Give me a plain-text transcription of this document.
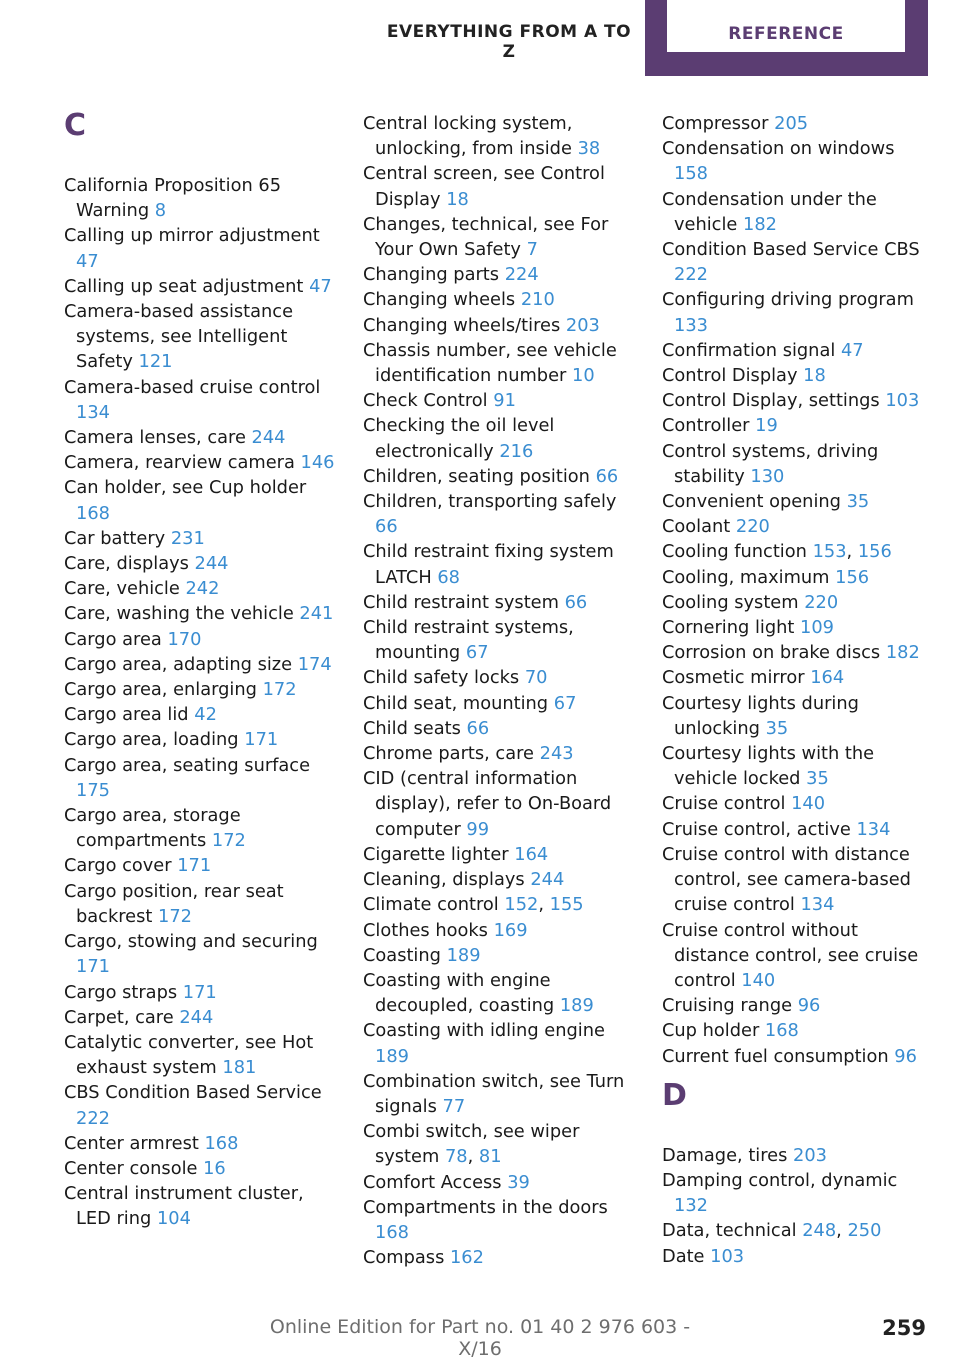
EVERYTHING FROM A TO Z
REFERENCE
C
California Proposition 65 Warning 8
Calling up mirror adjustment 47
Calling up seat adjustment 47
Camera-based assistance systems, see Intelligent Safety 121
Camera-based cruise control 134
Camera lenses, care 244
Camera, rearview camera 146
Can holder, see Cup holder 168
Car battery 231
Care, displays 244
Care, vehicle 242
Care, washing the vehicle 241
Cargo area 170
Cargo area, adapting size 174
Cargo area, enlarging 172
Cargo area lid 42
Cargo area, loading 171
Cargo area, seating surface 175
Cargo area, storage compartments 172
Cargo cover 171
Cargo position, rear seat backrest 172
Cargo, stowing and securing 171
Cargo straps 171
Carpet, care 244
Catalytic converter, see Hot exhaust system 181
CBS Condition Based Service 222
Center armrest 168
Center console 16
Central instrument cluster, LED ring 104
Central locking system, unlocking, from inside 38
Central screen, see Control Display 18
Changes, technical, see For Your Own Safety 7
Changing parts 224
Changing wheels 210
Changing wheels/tires 203
Chassis number, see vehicle identification number 10
Check Control 91
Checking the oil level electronically 216
Children, seating position 66
Children, transporting safely 66
Child restraint fixing system LATCH 68
Child restraint system 66
Child restraint systems, mounting 67
Child safety locks 70
Child seat, mounting 67
Child seats 66
Chrome parts, care 243
CID (central information display), refer to On-Board computer 99
Cigarette lighter 164
Cleaning, displays 244
Climate control 152, 155
Clothes hooks 169
Coasting 189
Coasting with engine decoupled, coasting 189
Coasting with idling engine 189
Combination switch, see Turn signals 77
Combi switch, see wiper system 78, 81
Comfort Access 39
Compartments in the doors 168
Compass 162
Compressor 205
Condensation on windows 158
Condensation under the vehicle 182
Condition Based Service CBS 222
Configuring driving program 133
Confirmation signal 47
Control Display 18
Control Display, settings 103
Controller 19
Control systems, driving stability 130
Convenient opening 35
Coolant 220
Cooling function 153, 156
Cooling, maximum 156
Cooling system 220
Cornering light 109
Corrosion on brake discs 182
Cosmetic mirror 164
Courtesy lights during unlocking 35
Courtesy lights with the vehicle locked 35
Cruise control 140
Cruise control, active 134
Cruise control with distance control, see camera-based cruise control 134
Cruise control without distance control, see cruise control 140
Cruising range 96
Cup holder 168
Current fuel consumption 96
D
Damage, tires 203
Damping control, dynamic 132
Data, technical 248, 250
Date 103
Online Edition for Part no. 01 40 2 976 603 - X/16
259
